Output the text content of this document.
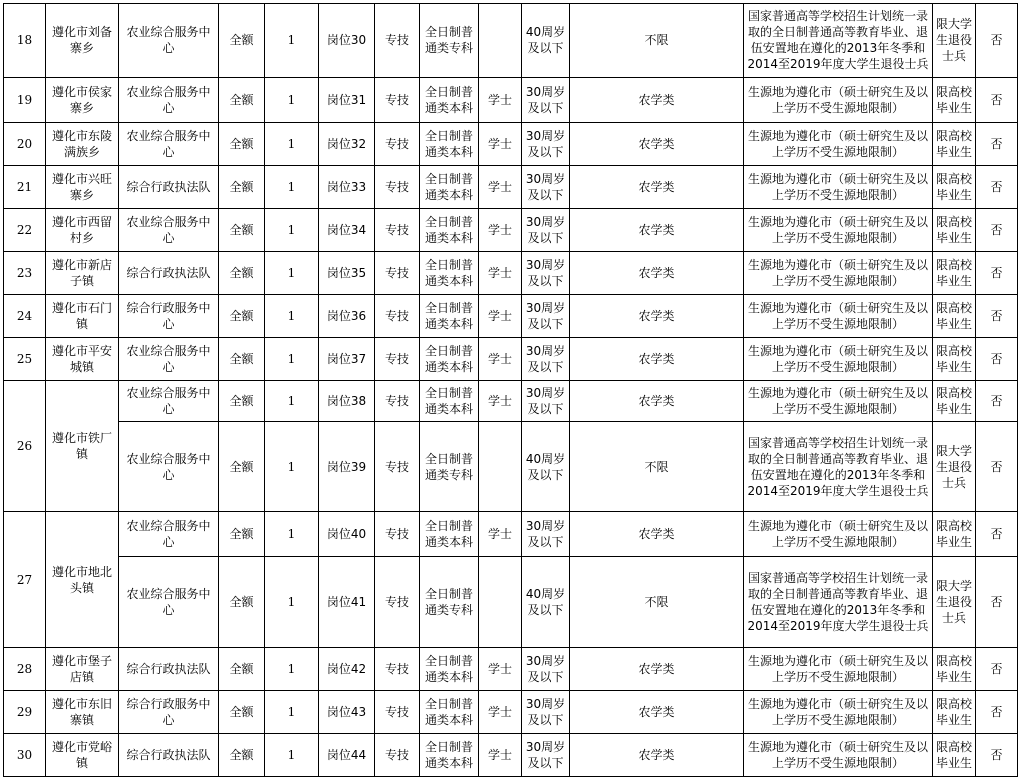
18	遵化市刘备寨乡	农业综合服务中心	全额	1	岗位30	专技	全日制普通类专科		40周岁及以下	不限	国家普通高等学校招生计划统一录取的全日制普通高等教育毕业、退伍安置地在遵化的2013年冬季和2014至2019年度大学生退役士兵	限大学生退役士兵	否
19	遵化市侯家寨乡	农业综合服务中心	全额	1	岗位31	专技	全日制普通类本科	学士	30周岁及以下	农学类	生源地为遵化市（硕士研究生及以上学历不受生源地限制）	限高校毕业生	否
20	遵化市东陵满族乡	农业综合服务中心	全额	1	岗位32	专技	全日制普通类本科	学士	30周岁及以下	农学类	生源地为遵化市（硕士研究生及以上学历不受生源地限制）	限高校毕业生	否
21	遵化市兴旺寨乡	综合行政执法队	全额	1	岗位33	专技	全日制普通类本科	学士	30周岁及以下	农学类	生源地为遵化市（硕士研究生及以上学历不受生源地限制）	限高校毕业生	否
22	遵化市西留村乡	农业综合服务中心	全额	1	岗位34	专技	全日制普通类本科	学士	30周岁及以下	农学类	生源地为遵化市（硕士研究生及以上学历不受生源地限制）	限高校毕业生	否
23	遵化市新店子镇	综合行政执法队	全额	1	岗位35	专技	全日制普通类本科	学士	30周岁及以下	农学类	生源地为遵化市（硕士研究生及以上学历不受生源地限制）	限高校毕业生	否
24	遵化市石门镇	综合行政服务中心	全额	1	岗位36	专技	全日制普通类本科	学士	30周岁及以下	农学类	生源地为遵化市（硕士研究生及以上学历不受生源地限制）	限高校毕业生	否
25	遵化市平安城镇	农业综合服务中心	全额	1	岗位37	专技	全日制普通类本科	学士	30周岁及以下	农学类	生源地为遵化市（硕士研究生及以上学历不受生源地限制）	限高校毕业生	否
26	遵化市铁厂镇	农业综合服务中心	全额	1	岗位38	专技	全日制普通类本科	学士	30周岁及以下	农学类	生源地为遵化市（硕士研究生及以上学历不受生源地限制）	限高校毕业生	否
		农业综合服务中心	全额	1	岗位39	专技	全日制普通类专科		40周岁及以下	不限	国家普通高等学校招生计划统一录取的全日制普通高等教育毕业、退伍安置地在遵化的2013年冬季和2014至2019年度大学生退役士兵	限大学生退役士兵	否
27	遵化市地北头镇	农业综合服务中心	全额	1	岗位40	专技	全日制普通类本科	学士	30周岁及以下	农学类	生源地为遵化市（硕士研究生及以上学历不受生源地限制）	限高校毕业生	否
		农业综合服务中心	全额	1	岗位41	专技	全日制普通类专科		40周岁及以下	不限	国家普通高等学校招生计划统一录取的全日制普通高等教育毕业、退伍安置地在遵化的2013年冬季和2014至2019年度大学生退役士兵	限大学生退役士兵	否
28	遵化市堡子店镇	综合行政执法队	全额	1	岗位42	专技	全日制普通类本科	学士	30周岁及以下	农学类	生源地为遵化市（硕士研究生及以上学历不受生源地限制）	限高校毕业生	否
29	遵化市东旧寨镇	综合行政服务中心	全额	1	岗位43	专技	全日制普通类本科	学士	30周岁及以下	农学类	生源地为遵化市（硕士研究生及以上学历不受生源地限制）	限高校毕业生	否
30	遵化市党峪镇	综合行政执法队	全额	1	岗位44	专技	全日制普通类本科	学士	30周岁及以下	农学类	生源地为遵化市（硕士研究生及以上学历不受生源地限制）	限高校毕业生	否
